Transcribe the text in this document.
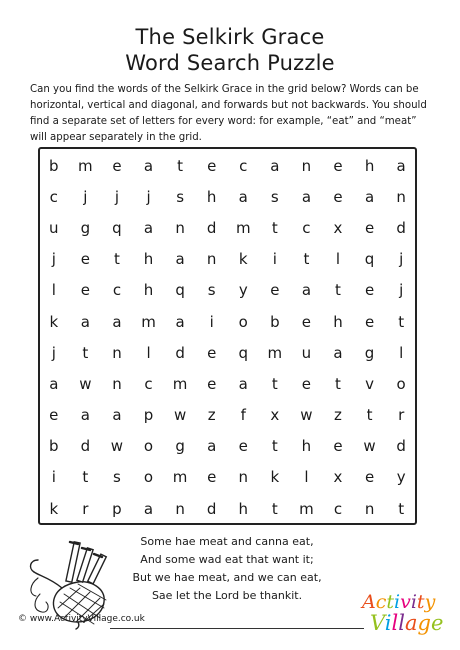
The Selkirk Grace
Word Search Puzzle
Can you find the words of the Selkirk Grace in the grid below? Words can be horizontal, vertical and diagonal, and forwards but not backwards. You should find a separate set of letters for every word: for example, “eat” and “meat” will appear separately in the grid.
b	m	e	a	t	e	c	a	n	e	h	a
c	j	j	j	s	h	a	s	a	e	a	n
u	g	q	a	n	d	m	t	c	x	e	d
j	e	t	h	a	n	k	i	t	l	q	j
l	e	c	h	q	s	y	e	a	t	e	j
k	a	a	m	a	i	o	b	e	h	e	t
j	t	n	l	d	e	q	m	u	a	g	l
a	w	n	c	m	e	a	t	e	t	v	o
e	a	a	p	w	z	f	x	w	z	t	r
b	d	w	o	g	a	e	t	h	e	w	d
i	t	s	o	m	e	n	k	l	x	e	y
k	r	p	a	n	d	h	t	m	c	n	t
Some hae meat and canna eat,
And some wad eat that want it;
But we hae meat, and we can eat,
Sae let the Lord be thankit.
© www.ActivityVillage.co.uk
Activity
Village
